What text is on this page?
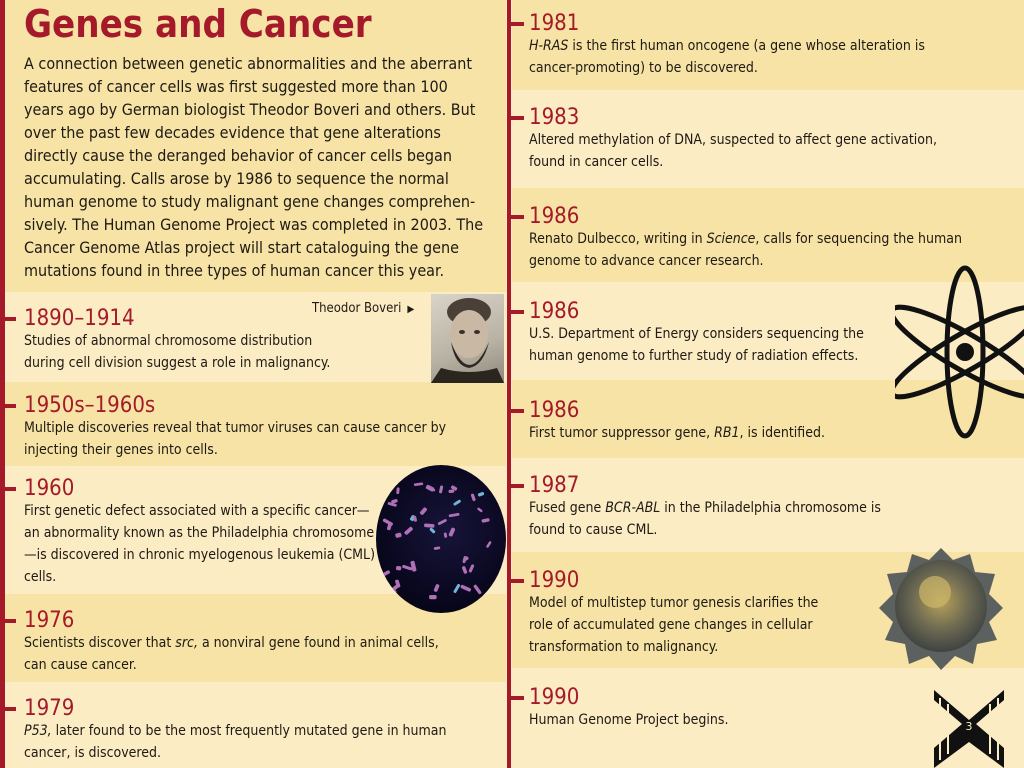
Genes and Cancer

A connection between genetic abnormalities and the aberrant features of cancer cells was first suggested more than 100 years ago by German biologist Theodor Boveri and others. But over the past few decades evidence that gene alterations directly cause the deranged behavior of cancer cells began accumulating. Calls arose by 1986 to sequence the normal human genome to study malignant gene changes comprehen-sively. The Human Genome Project was completed in 2003. The Cancer Genome Atlas project will start cataloguing the gene mutations found in three types of human cancer this year.

Theodor Boveri ▶
1890–1914
Studies of abnormal chromosome distribution during cell division suggest a role in malignancy.
1950s–1960s
Multiple discoveries reveal that tumor viruses can cause cancer by injecting their genes into cells.
1960
First genetic defect associated with a specific cancer—an abnormality known as the Philadelphia chromosome—is discovered in chronic myelogenous leukemia (CML) cells.
1976
Scientists discover that src, a nonviral gene found in animal cells, can cause cancer.
1979
P53, later found to be the most frequently mutated gene in human cancer, is discovered.
1981
H-RAS is the first human oncogene (a gene whose alteration is cancer-promoting) to be discovered.
1983
Altered methylation of DNA, suspected to affect gene activation, found in cancer cells.
1986
Renato Dulbecco, writing in Science, calls for sequencing the human genome to advance cancer research.
1986
U.S. Department of Energy considers sequencing the human genome to further study of radiation effects.
1986
First tumor suppressor gene, RB1, is identified.
1987
Fused gene BCR-ABL in the Philadelphia chromosome is found to cause CML.
1990
Model of multistep tumor genesis clarifies the role of accumulated gene changes in cellular transformation to malignancy.
1990
Human Genome Project begins.	3
